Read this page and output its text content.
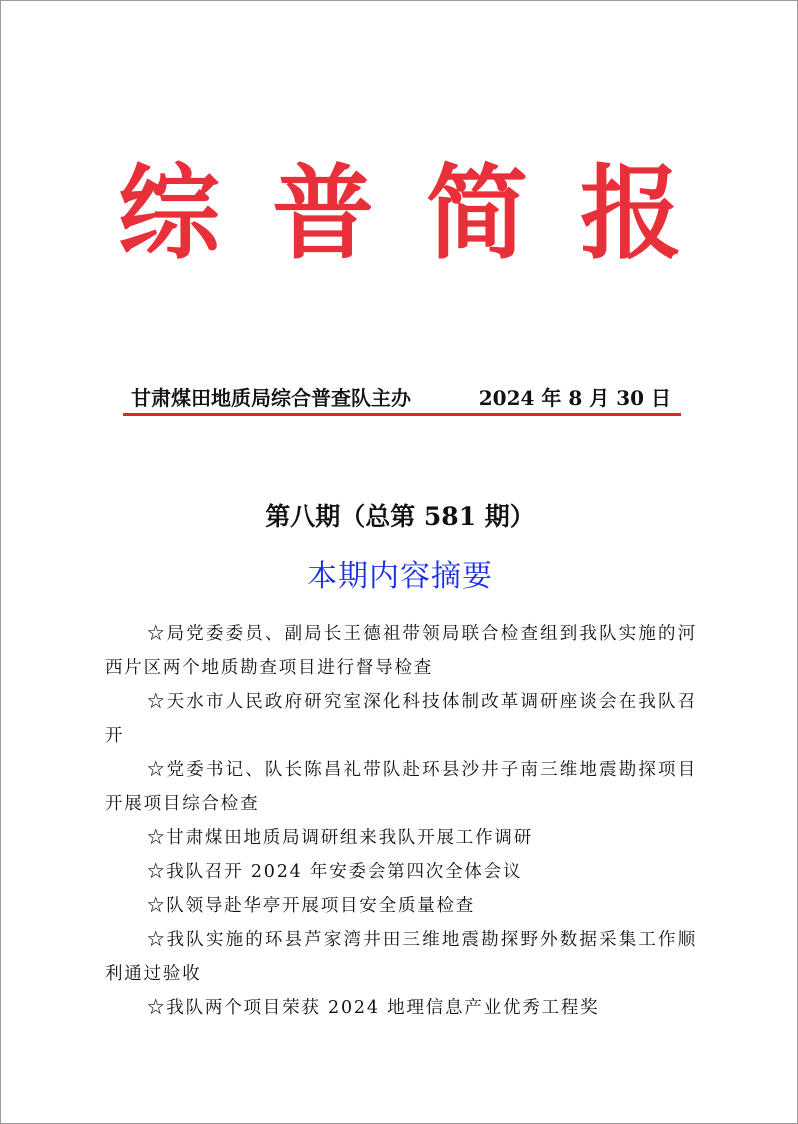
综 普 简 报
甘肃煤田地质局综合普查队主办	2024 年 8 月 30 日
第八期（总第 581 期）
本期内容摘要

☆局党委委员、副局长王德祖带领局联合检查组到我队实施的河西片区两个地质勘查项目进行督导检查

☆天水市人民政府研究室深化科技体制改革调研座谈会在我队召开

☆党委书记、队长陈昌礼带队赴环县沙井子南三维地震勘探项目开展项目综合检查

☆甘肃煤田地质局调研组来我队开展工作调研

☆我队召开 2024 年安委会第四次全体会议

☆队领导赴华亭开展项目安全质量检查

☆我队实施的环县芦家湾井田三维地震勘探野外数据采集工作顺利通过验收

☆我队两个项目荣获 2024 地理信息产业优秀工程奖
